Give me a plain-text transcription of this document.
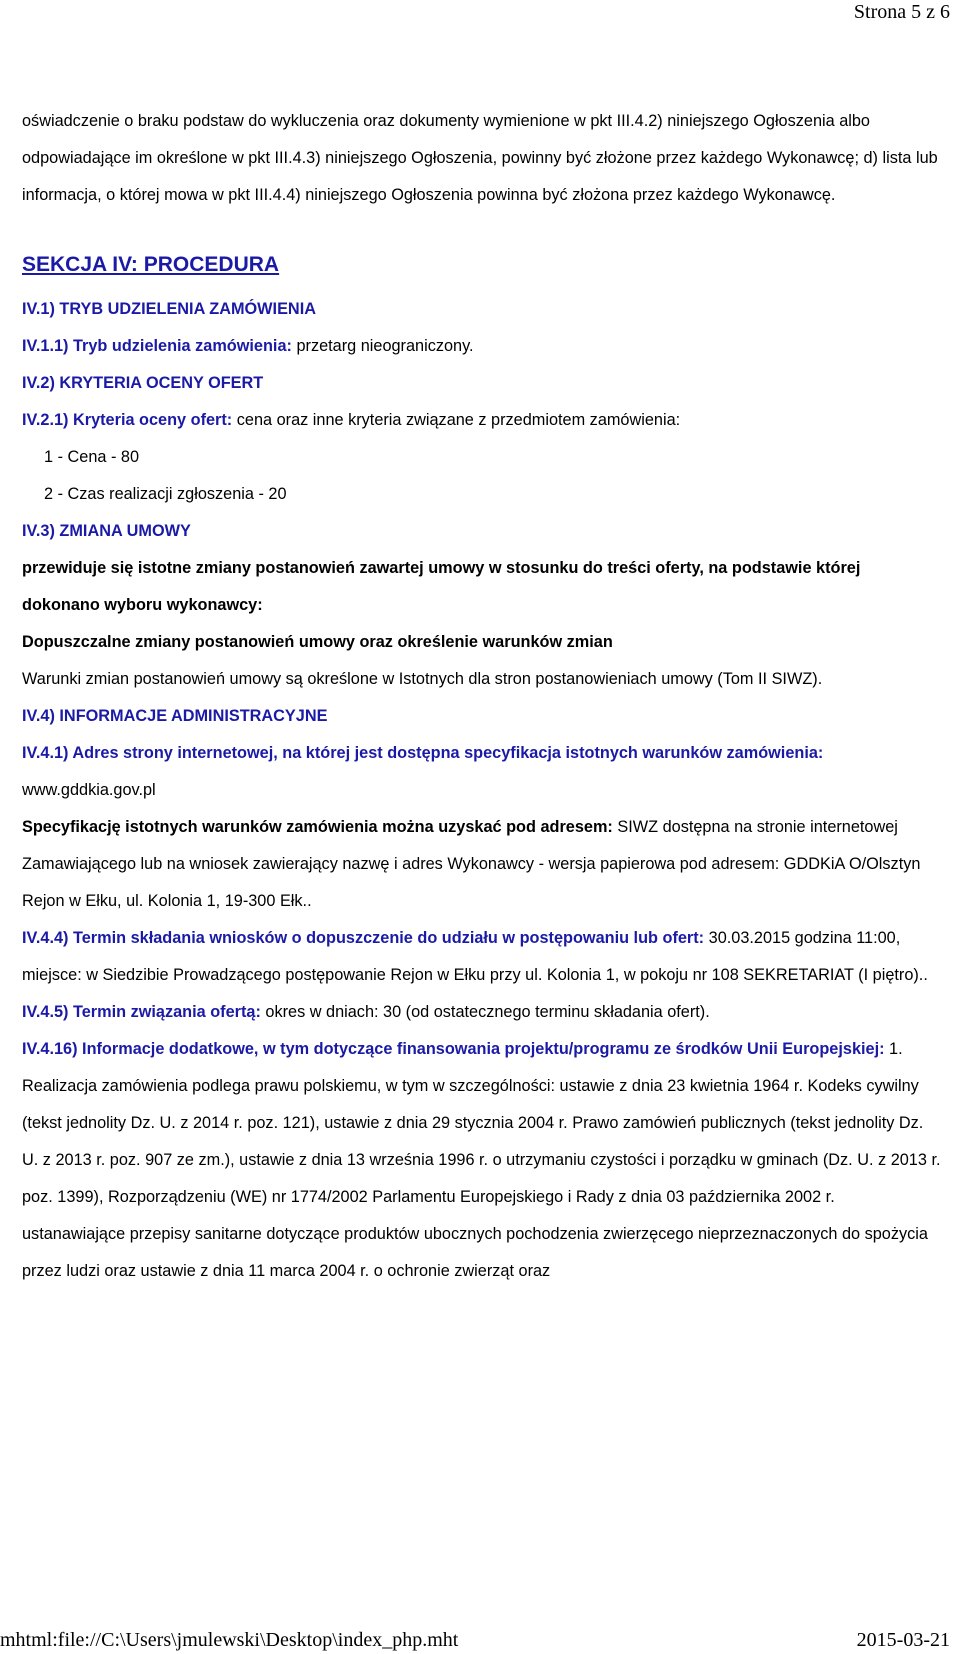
Strona 5 z 6

oświadczenie o braku podstaw do wykluczenia oraz dokumenty wymienione w pkt III.4.2) niniejszego Ogłoszenia albo odpowiadające im określone w pkt III.4.3) niniejszego Ogłoszenia, powinny być złożone przez każdego Wykonawcę; d) lista lub informacja, o której mowa w pkt III.4.4) niniejszego Ogłoszenia powinna być złożona przez każdego Wykonawcę.

SEKCJA IV: PROCEDURA

IV.1) TRYB UDZIELENIA ZAMÓWIENIA

IV.1.1) Tryb udzielenia zamówienia: przetarg nieograniczony.

IV.2) KRYTERIA OCENY OFERT

IV.2.1) Kryteria oceny ofert: cena oraz inne kryteria związane z przedmiotem zamówienia:

1 - Cena - 80

2 - Czas realizacji zgłoszenia - 20

IV.3) ZMIANA UMOWY

przewiduje się istotne zmiany postanowień zawartej umowy w stosunku do treści oferty, na podstawie której dokonano wyboru wykonawcy:

Dopuszczalne zmiany postanowień umowy oraz określenie warunków zmian

Warunki zmian postanowień umowy są określone w Istotnych dla stron postanowieniach umowy (Tom II SIWZ).

IV.4) INFORMACJE ADMINISTRACYJNE

IV.4.1) Adres strony internetowej, na której jest dostępna specyfikacja istotnych warunków zamówienia: www.gddkia.gov.pl

Specyfikację istotnych warunków zamówienia można uzyskać pod adresem: SIWZ dostępna na stronie internetowej Zamawiającego lub na wniosek zawierający nazwę i adres Wykonawcy - wersja papierowa pod adresem: GDDKiA O/Olsztyn Rejon w Ełku, ul. Kolonia 1, 19-300 Ełk..

IV.4.4) Termin składania wniosków o dopuszczenie do udziału w postępowaniu lub ofert: 30.03.2015 godzina 11:00, miejsce: w Siedzibie Prowadzącego postępowanie Rejon w Ełku przy ul. Kolonia 1, w pokoju nr 108 SEKRETARIAT (I piętro)..

IV.4.5) Termin związania ofertą: okres w dniach: 30 (od ostatecznego terminu składania ofert).

IV.4.16) Informacje dodatkowe, w tym dotyczące finansowania projektu/programu ze środków Unii Europejskiej: 1. Realizacja zamówienia podlega prawu polskiemu, w tym w szczególności: ustawie z dnia 23 kwietnia 1964 r. Kodeks cywilny (tekst jednolity Dz. U. z 2014 r. poz. 121), ustawie z dnia 29 stycznia 2004 r. Prawo zamówień publicznych (tekst jednolity Dz. U. z 2013 r. poz. 907 ze zm.), ustawie z dnia 13 września 1996 r. o utrzymaniu czystości i porządku w gminach (Dz. U. z 2013 r. poz. 1399), Rozporządzeniu (WE) nr 1774/2002 Parlamentu Europejskiego i Rady z dnia 03 października 2002 r. ustanawiające przepisy sanitarne dotyczące produktów ubocznych pochodzenia zwierzęcego nieprzeznaczonych do spożycia przez ludzi oraz ustawie z dnia 11 marca 2004 r. o ochronie zwierząt oraz

mhtml:file://C:\Users\jmulewski\Desktop\index_php.mht	2015-03-21
